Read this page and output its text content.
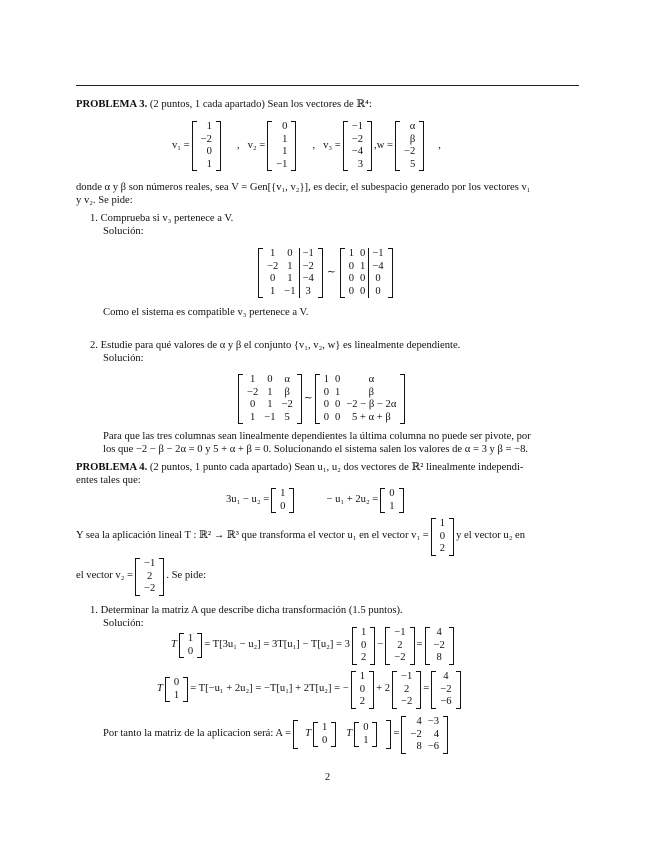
PROBLEMA 3. (2 puntos, 1 cada apartado) Sean los vectores de ℝ⁴:
v₁ =
1
−2
0
1
, v₂ =
0
1
1
−1
, v₃ =
−1
−2
−4
3
, w =
α
β
−2
5
,
donde α y β son números reales, sea V = Gen[{v₁, v₂}], es decir, el subespacio generado por los vectores v₁
y v₂. Se pide:
1. Comprueba si v₃ pertenece a V.
Solución:
1	0	−1
−2	1	−2
0	1	−4
1	−1	3
∼
1	0	−1
0	1	−4
0	0	0
0	0	0
Como el sistema es compatible v₃ pertenece a V.
2. Estudie para qué valores de α y β el conjunto {v₁, v₂, w} es linealmente dependiente.
Solución:
1	0	α
−2	1	β
0	1	−2
1	−1	5
∼
1	0	α
0	1	β
0	0	−2 − β − 2α
0	0	5 + α + β
Para que las tres columnas sean linealmente dependientes la última columna no puede ser pivote, por
los que −2 − β − 2α = 0 y 5 + α + β = 0. Solucionando el sistema salen los valores de α = 3 y β = −8.
PROBLEMA 4. (2 puntos, 1 punto cada apartado) Sean u₁, u₂ dos vectores de ℝ² linealmente independi-
entes tales que:
3u₁ − u₂ =
1
0
− u₁ + 2u₂ =
0
1
Y sea la aplicación lineal T : ℝ² → ℝ³ que transforma el vector u₁ en el vector v₁ =
1
0
2
y el vector u₂ en
el vector v₂ =
−1
2
−2
. Se pide:
1. Determinar la matriz A que describe dicha transformación (1.5 puntos).
Solución:
T
1
0
= T[3u₁ − u₂] = 3T[u₁] − T[u₂] = 3
1
0
2
−
−1
2
−2
=
4
−2
8
T
0
1
= T[−u₁ + 2u₂] = −T[u₁] + 2T[u₂] = −
1
0
2
+ 2
−1
2
−2
=
4
−2
−6
Por tanto la matriz de la aplicacion será: A = T
1
0
T
0
1
=
4	−3
−2	4
8	−6
2
